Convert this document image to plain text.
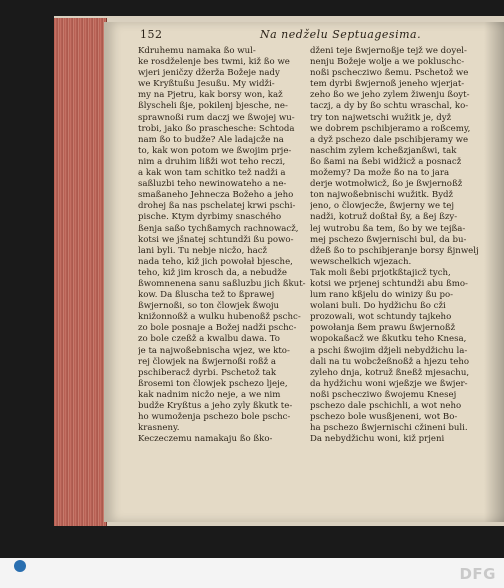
152	Na nedželu Septuagesima.
Kdruhemu namaka ßo wul-
ke rosdželenje bes twmi, kiž ßo we
wjeri jeničzy džerža Božeje nady
we Kryßtußu Jesußu. My widži-
my na Pjetru, kak borsy won, kaž
ßlyscheli ßje, pokilenj bjesche, ne-
sprawnoßi rum daczj we ßwojej wu-
trobi, jako ßo praschesche: Schtoda
nam ßo to budže? Ale ladajcže na
to, kak won potom we ßwojim prje-
nim a druhim lißži wot teho reczi,
a kak won tam schitko tež nadži a
saßluzbi teho newinowateho a ne-
smaßaneho Jehnecza Božeho a jeho
drohej ßa nas pschelatej krwi pschi-
pische. Ktym dyrbimy snaschého
ßenja saßo tychßamych rachnowacž,
kotsi we jšnatej schtundži ßu powo-
lani byli. Tu nebje nicžo, hacž
nada teho, kiž jich powołał bjesche,
teho, kiž jim krosch da, a nebudže
ßwomnenena sanu saßluzbu jich ßkut-
kow. Da ßluscha tež to ßprawej
ßwjernoßi, so ton člowjek ßwoju
knižonnoßž a wulku hubenoßž pschc-
zo bole posnaje a Božej nadži pschc-
zo bole czeßž a kwalbu dawa. To
je ta najwoßebnischa wjez, we kto-
rej člowjek na ßwjernoßi roßž a
pschiberacž dyrbi. Pschetož tak
ßrosemi ton člowjek pschezo ljeje,
kak nadnim nicžo neje, a we nim
budže Kryßtus a jeho zyly ßkutk te-
ho wumoženja pschezo bole pschc-
krasneny.
Keczeczemu namakaju ßo ßko-
dženi teje ßwjernoßje tejž we doyel-
nenju Božeje wolje a we pokluschc-
noßi pschecziwo ßemu. Pschetož we
tem dyrbi ßwjernoß jeneho wjerjat-
zeho ßo we jeho zylem žiwenju ßoyt-
taczj, a dy by ßo schtu wraschal, ko-
try ton najwetschi wužitk je, dyž
we dobrem pschibjeramo a roßcemy,
a dyž pschezo dale pschibjeramy we
naschim zylem kcheßzjanßwi, tak
ßo ßami na ßebi widžicž a posnacž
možemy? Da može ßo na to jara
derje wotmołwicž, ßo je ßwjernoßž
ton najwoßebnischi wužitk. Bydž
jeno, o člowjecže, ßwjerny we tej
nadži, kotruž doßtał ßy, a ßej ßzy-
lej wutrobu ßa tem, ßo by we tejßa-
mej pschezo ßwjernischi bul, da bu-
džeß ßo to pschibjeranje borsy ßjnwelj
wewschelkich wjezach.
Tak moli ßebi prjotkßtajicž tych,
kotsi we prjenej schtundži abu ßmo-
lum rano kßjelu do winizy ßu po-
wolani buli. Do hydžichu ßo cži
prozowali, wot schtundy tajkeho
powołanja ßem prawu ßwjernoßž
wopokaßacž we ßkutku teho Knesa,
a pschi ßwojim džjeli nebydžichu la-
dali na tu wobcžeßnoßž a hjezu teho
zyleho dnja, kotruž ßneßž mjesachu,
da hydžichu woni wjeßzje we ßwjer-
noßi pschecziwo ßwojemu Knesej
pschezo dale pschichli, a wot neho
pschezo bole wusßjeneni, wot Bo-
ha pschezo ßwjernischi cžineni buli.
Da nebydžichu woni, kiž prjeni
DFG
